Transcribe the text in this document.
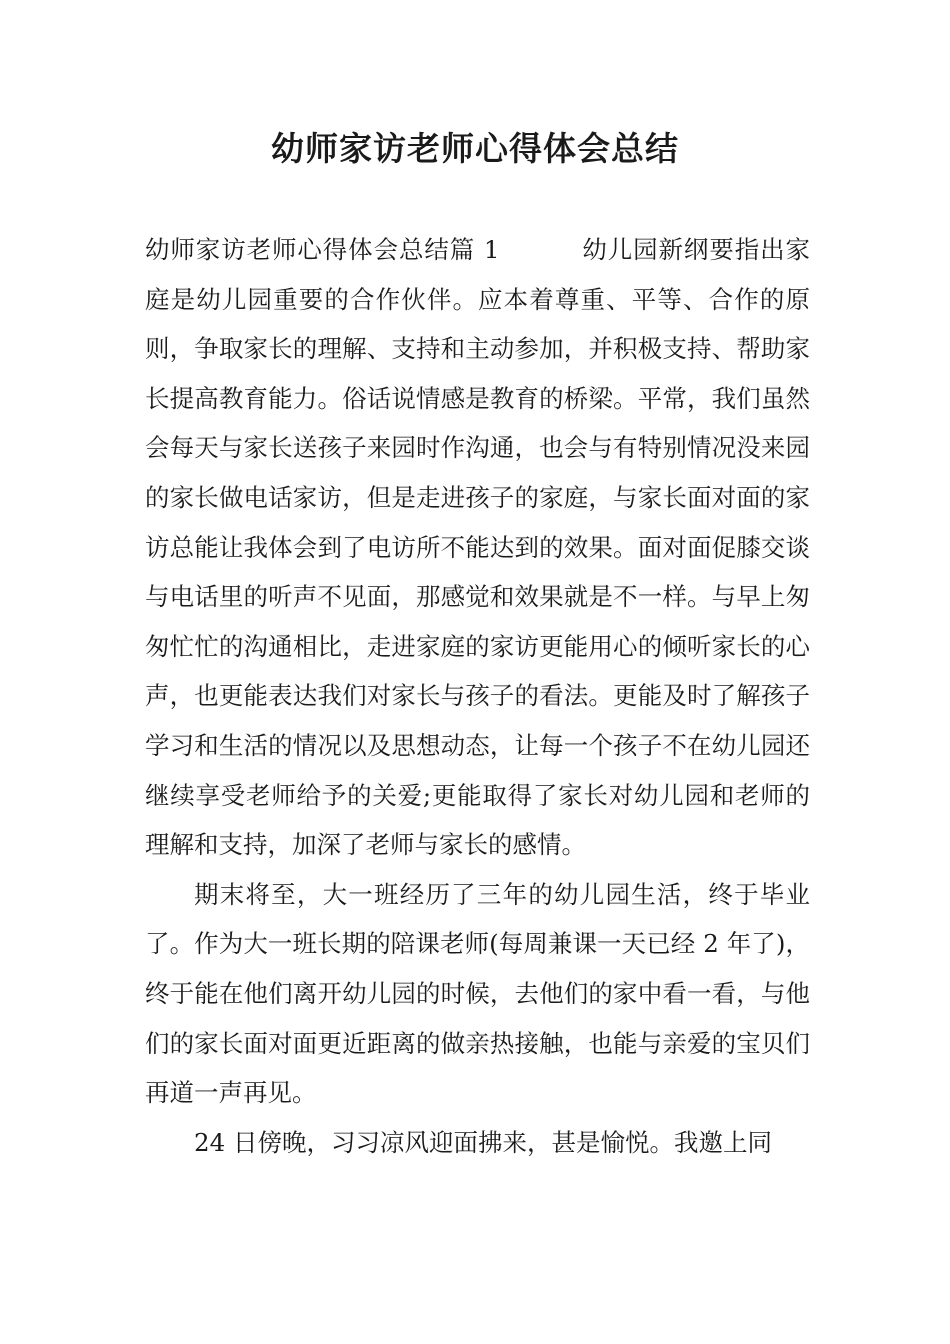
幼师家访老师心得体会总结

幼师家访老师心得体会总结篇 1	幼儿园新纲要指出家庭是幼儿园重要的合作伙伴。应本着尊重、平等、合作的原则，争取家长的理解、支持和主动参加，并积极支持、帮助家长提高教育能力。俗话说情感是教育的桥梁。平常，我们虽然会每天与家长送孩子来园时作沟通，也会与有特别情况没来园的家长做电话家访，但是走进孩子的家庭，与家长面对面的家访总能让我体会到了电访所不能达到的效果。面对面促膝交谈与电话里的听声不见面，那感觉和效果就是不一样。与早上匆匆忙忙的沟通相比，走进家庭的家访更能用心的倾听家长的心声，也更能表达我们对家长与孩子的看法。更能及时了解孩子学习和生活的情况以及思想动态，让每一个孩子不在幼儿园还继续享受老师给予的关爱;更能取得了家长对幼儿园和老师的理解和支持，加深了老师与家长的感情。

期末将至，大一班经历了三年的幼儿园生活，终于毕业了。作为大一班长期的陪课老师(每周兼课一天已经 2 年了)，终于能在他们离开幼儿园的时候，去他们的家中看一看，与他们的家长面对面更近距离的做亲热接触，也能与亲爱的宝贝们再道一声再见。

24 日傍晚，习习凉风迎面拂来，甚是愉悦。我邀上同
